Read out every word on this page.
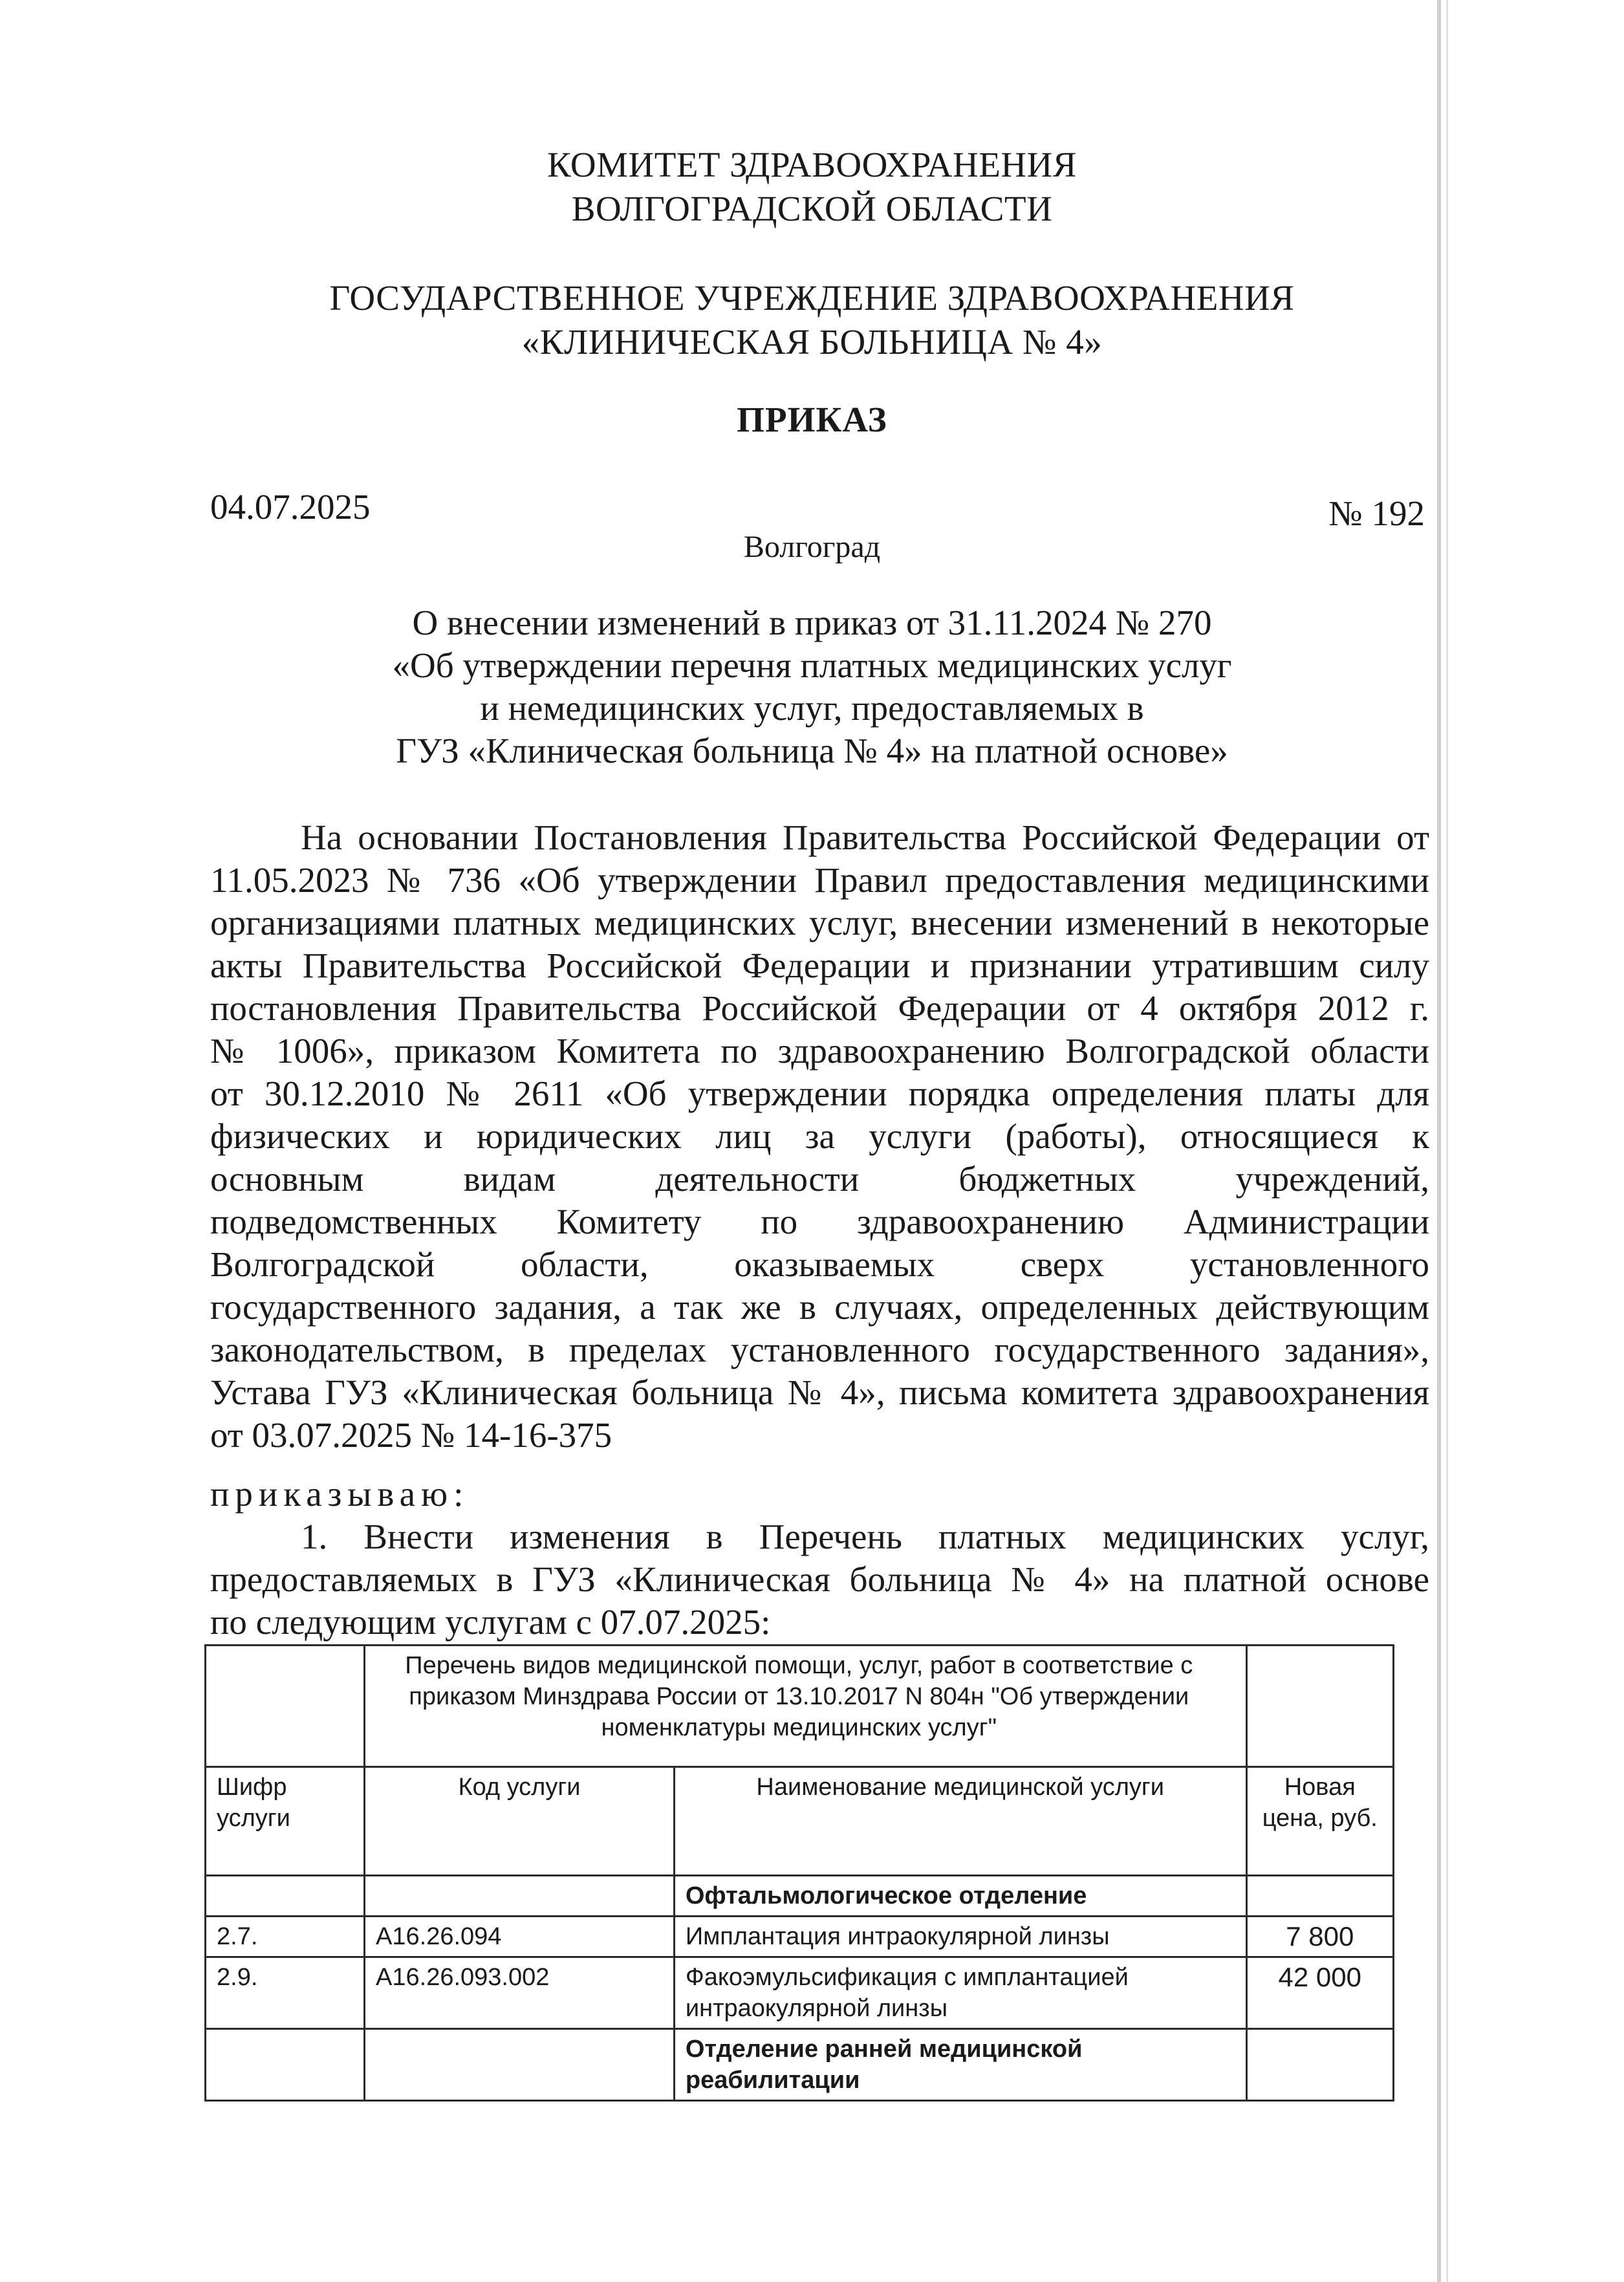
КОМИТЕТ ЗДРАВООХРАНЕНИЯ
ВОЛГОГРАДСКОЙ ОБЛАСТИ
ГОСУДАРСТВЕННОЕ УЧРЕЖДЕНИЕ ЗДРАВООХРАНЕНИЯ
«КЛИНИЧЕСКАЯ БОЛЬНИЦА № 4»
ПРИКАЗ
04.07.2025	№ 192
Волгоград
О внесении изменений в приказ от 31.11.2024 № 270
«Об утверждении перечня платных медицинских услуг
и немедицинских услуг, предоставляемых в
ГУЗ «Клиническая больница № 4» на платной основе»
На основании Постановления Правительства Российской Федерации от
11.05.2023 № 736 «Об утверждении Правил предоставления медицинскими
организациями платных медицинских услуг, внесении изменений в некоторые
акты Правительства Российской Федерации и признании утратившим силу
постановления Правительства Российской Федерации от 4 октября 2012 г.
№ 1006», приказом Комитета по здравоохранению Волгоградской области
от 30.12.2010 № 2611 «Об утверждении порядка определения платы для
физических и юридических лиц за услуги (работы), относящиеся к
основным видам деятельности бюджетных учреждений,
подведомственных Комитету по здравоохранению Администрации
Волгоградской области, оказываемых сверх установленного
государственного задания, а так же в случаях, определенных действующим
законодательством, в пределах установленного государственного задания»,
Устава ГУЗ «Клиническая больница № 4», письма комитета здравоохранения
от 03.07.2025 № 14-16-375
приказываю:
1. Внести изменения в Перечень платных медицинских услуг,
предоставляемых в ГУЗ «Клиническая больница № 4» на платной основе
по следующим услугам с 07.07.2025:
	Перечень видов медицинской помощи, услуг, работ в соответствие с приказом Минздрава России от 13.10.2017 N 804н "Об утверждении номенклатуры медицинских услуг"		
Шифр услуги	Код услуги	Наименование медицинской услуги	Новая цена, руб.
		Офтальмологическое отделение	
2.7.	A16.26.094	Имплантация интраокулярной линзы	7 800
2.9.	A16.26.093.002	Факоэмульсификация с имплантацией интраокулярной линзы	42 000
		Отделение ранней медицинской реабилитации	
